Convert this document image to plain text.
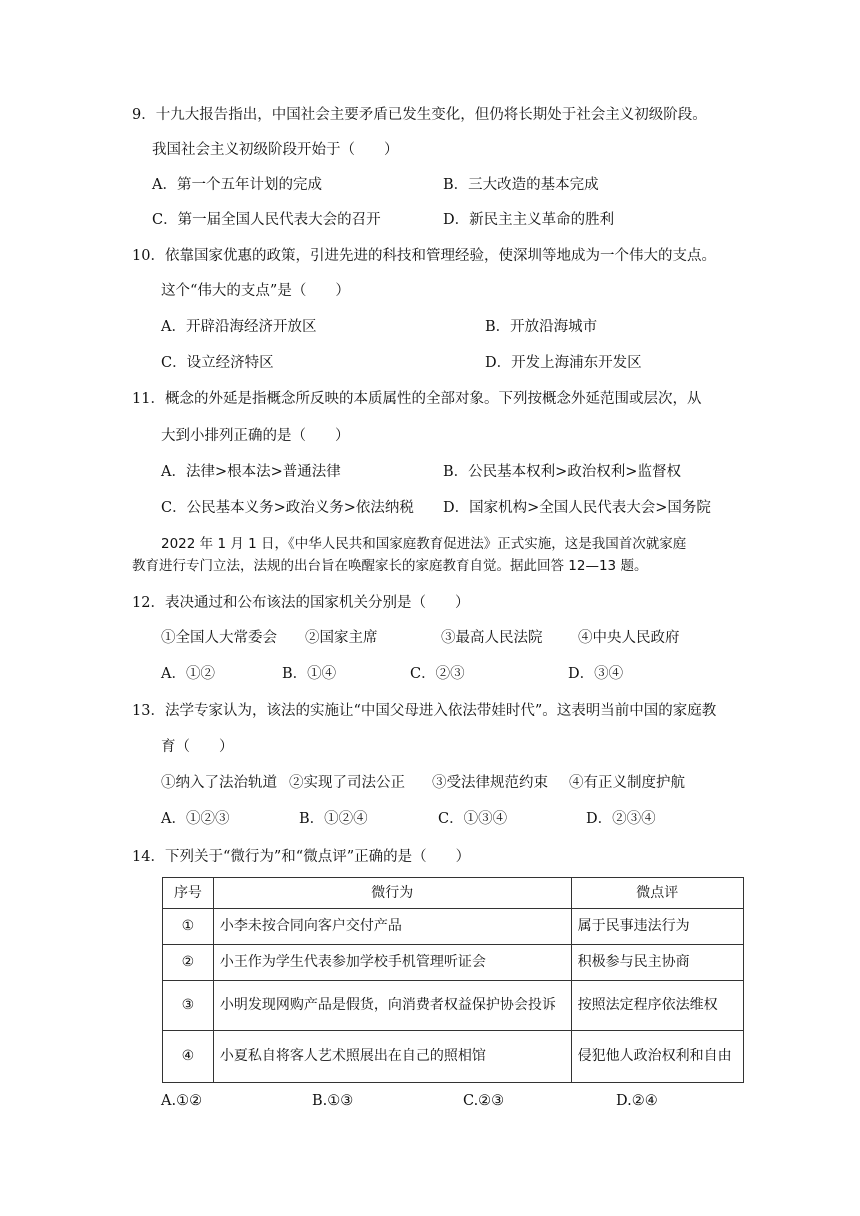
9．十九大报告指出，中国社会主要矛盾已发生变化，但仍将长期处于社会主义初级阶段。
我国社会主义初级阶段开始于（　　）
A．第一个五年计划的完成	B．三大改造的基本完成
C．第一届全国人民代表大会的召开	D．新民主主义革命的胜利
10．依靠国家优惠的政策，引进先进的科技和管理经验，使深圳等地成为一个伟大的支点。
这个“伟大的支点”是（　　）
A．开辟沿海经济开放区	B．开放沿海城市
C．设立经济特区	D．开发上海浦东开发区
11．概念的外延是指概念所反映的本质属性的全部对象。下列按概念外延范围或层次，从
大到小排列正确的是（　　）
A．法律>根本法>普通法律	B．公民基本权利>政治权利>监督权
C．公民基本义务>政治义务>依法纳税 D．国家机构>全国人民代表大会>国务院
2022 年 1 月 1 日，《中华人民共和国家庭教育促进法》正式实施，这是我国首次就家庭
教育进行专门立法，法规的出台旨在唤醒家长的家庭教育自觉。据此回答 12—13 题。
12．表决通过和公布该法的国家机关分别是（　　）
①全国人大常委会 ②国家主席	③最高人民法院 ④中央人民政府
A．①②	B．①④	C．②③	D．③④
13．法学专家认为，该法的实施让“中国父母进入依法带娃时代”。这表明当前中国的家庭教
育（　　）
①纳入了法治轨道 ②实现了司法公正 ③受法律规范约束 ④有正义制度护航
A．①②③	B．①②④	C．①③④	D．②③④
14．下列关于“微行为”和“微点评”正确的是（　　）
序号	微行为	微点评
①	小李未按合同向客户交付产品	属于民事违法行为
②	小王作为学生代表参加学校手机管理听证会	积极参与民主协商
③	小明发现网购产品是假货，向消费者权益保护协会投诉	按照法定程序依法维权
④	小夏私自将客人艺术照展出在自己的照相馆	侵犯他人政治权利和自由
A.①②	B.①③	C.②③	D.②④
